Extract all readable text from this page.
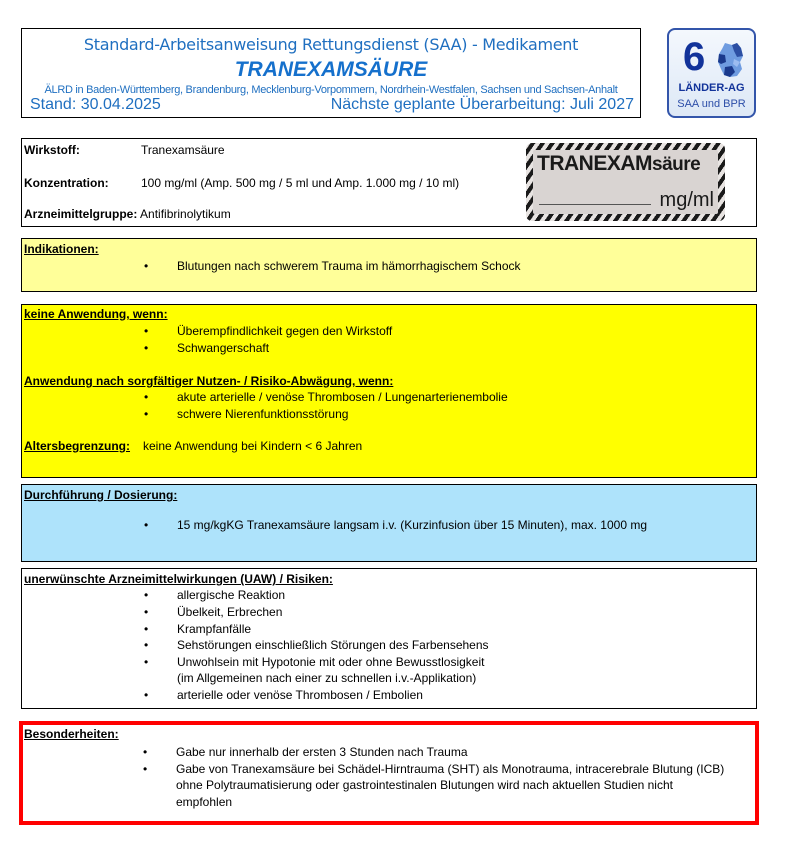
Standard-Arbeitsanweisung Rettungsdienst (SAA) - Medikament
TRANEXAMSÄURE
ÄLRD in Baden-Württemberg, Brandenburg, Mecklenburg-Vorpommern, Nordrhein-Westfalen, Sachsen und Sachsen-Anhalt
Stand: 30.04.2025	Nächste geplante Überarbeitung: Juli 2027
6
LÄNDER-AG
SAA und BPR
Wirkstoff:	Tranexamsäure
Konzentration:	100 mg/ml (Amp. 500 mg / 5 ml und Amp. 1.000 mg / 10 ml)
Arzneimittelgruppe: Antifibrinolytikum
TRANEXAMsäure
mg/ml
Indikationen:
• Blutungen nach schwerem Trauma im hämorrhagischem Schock
keine Anwendung, wenn:
• Überempfindlichkeit gegen den Wirkstoff
• Schwangerschaft
Anwendung nach sorgfältiger Nutzen- / Risiko-Abwägung, wenn:
• akute arterielle / venöse Thrombosen / Lungenarterienembolie
• schwere Nierenfunktionsstörung
Altersbegrenzung: keine Anwendung bei Kindern < 6 Jahren
Durchführung / Dosierung:
• 15 mg/kgKG Tranexamsäure langsam i.v. (Kurzinfusion über 15 Minuten), max. 1000 mg
unerwünschte Arzneimittelwirkungen (UAW) / Risiken:
• allergische Reaktion
• Übelkeit, Erbrechen
• Krampfanfälle
• Sehstörungen einschließlich Störungen des Farbensehens
• Unwohlsein mit Hypotonie mit oder ohne Bewusstlosigkeit
(im Allgemeinen nach einer zu schnellen i.v.-Applikation)
• arterielle oder venöse Thrombosen / Embolien
Besonderheiten:
• Gabe nur innerhalb der ersten 3 Stunden nach Trauma
• Gabe von Tranexamsäure bei Schädel-Hirntrauma (SHT) als Monotrauma, intracerebrale Blutung (ICB)
ohne Polytraumatisierung oder gastrointestinalen Blutungen wird nach aktuellen Studien nicht
empfohlen
